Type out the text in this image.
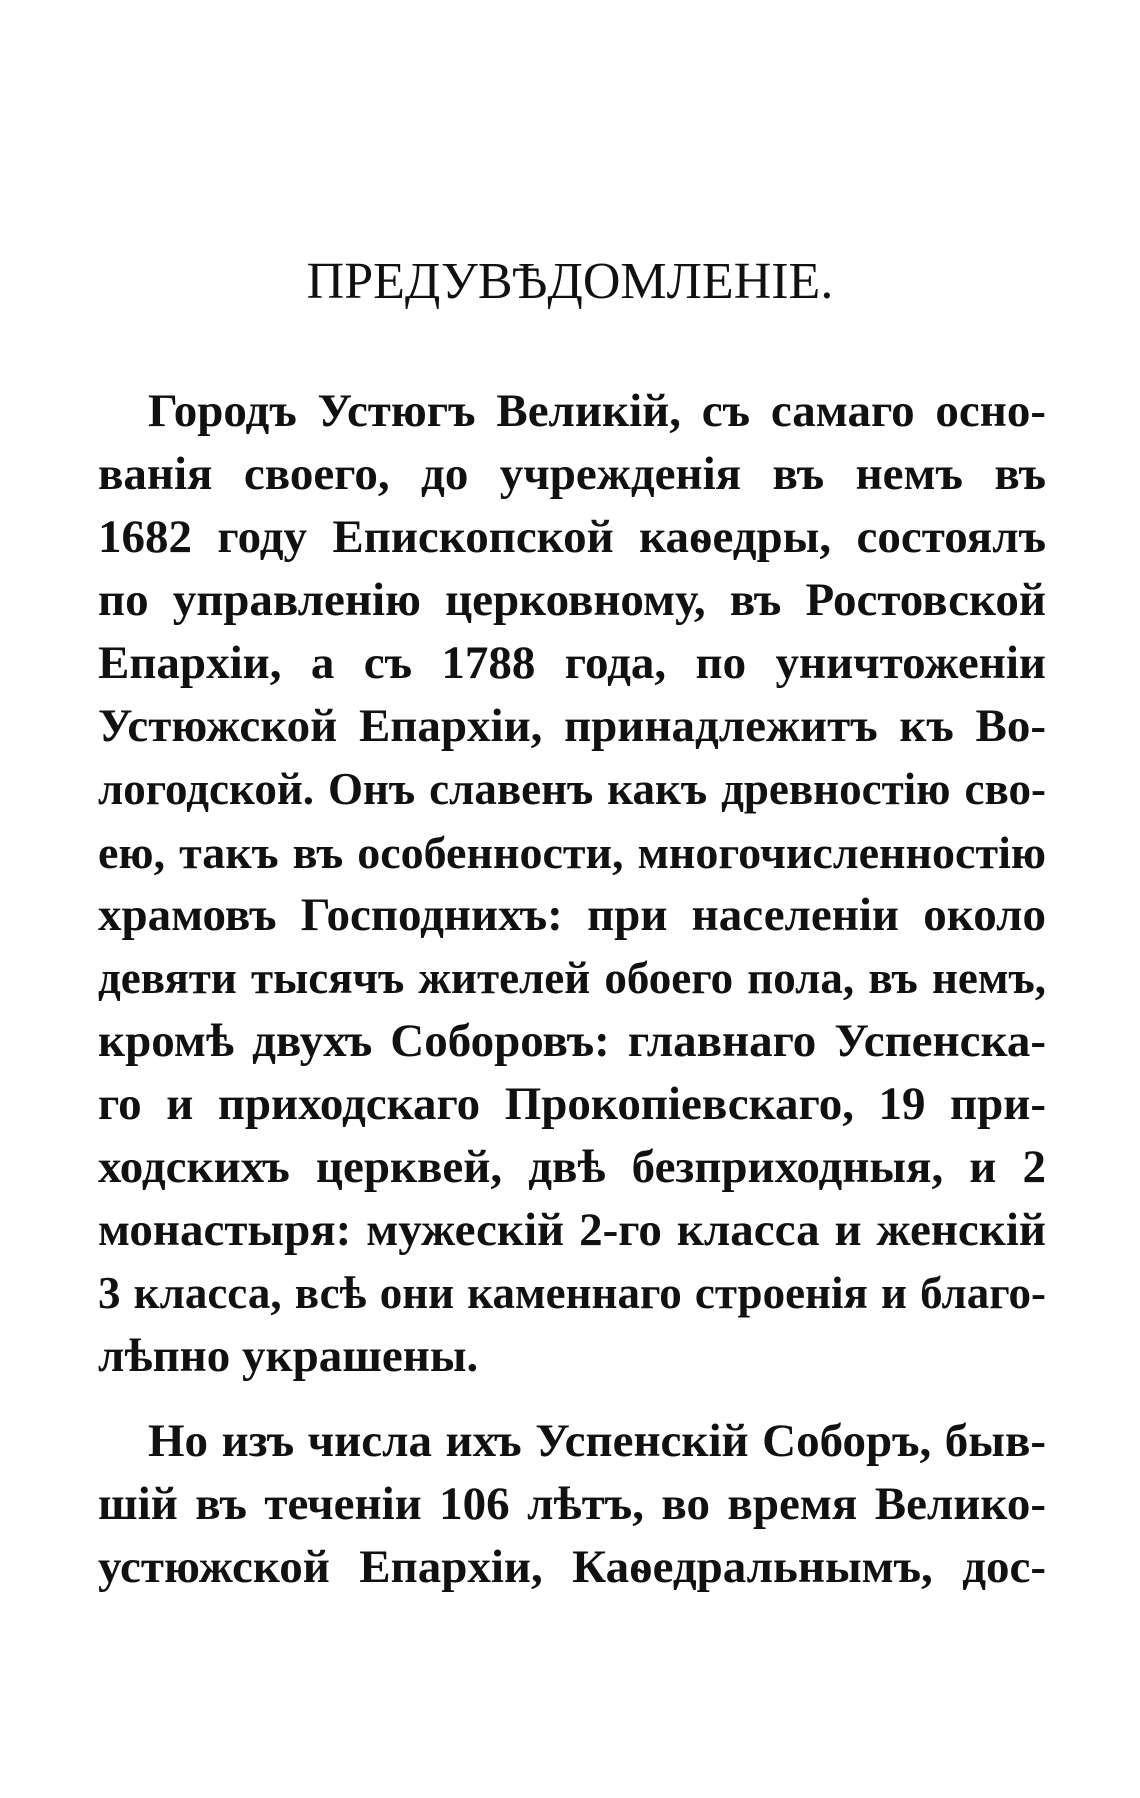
ПРЕДУВѢДОМЛЕНІЕ.
Городъ Устюгъ Великій, съ самаго осно-
ванія своего, до учрежденія въ немъ въ
1682 году Епископской каѳедры, состоялъ
по управленію церковному, въ Ростовской
Епархіи, а съ 1788 года, по уничтоженіи
Устюжской Епархіи, принадлежитъ къ Во-
логодской. Онъ славенъ какъ древностію сво-
ею, такъ въ особенности, многочисленностію
храмовъ Господнихъ: при населеніи около
девяти тысячъ жителей обоего пола, въ немъ,
кромѣ двухъ Соборовъ: главнаго Успенска-
го и приходскаго Прокопіевскаго, 19 при-
ходскихъ церквей, двѣ безприходныя, и 2
монастыря: мужескій 2-го класса и женскій
3 класса, всѣ они каменнаго строенія и благо-
лѣпно украшены.
Но изъ числа ихъ Успенскій Соборъ, быв-
шій въ теченіи 106 лѣтъ, во время Велико-
устюжской Епархіи, Каѳедральнымъ, дос-
